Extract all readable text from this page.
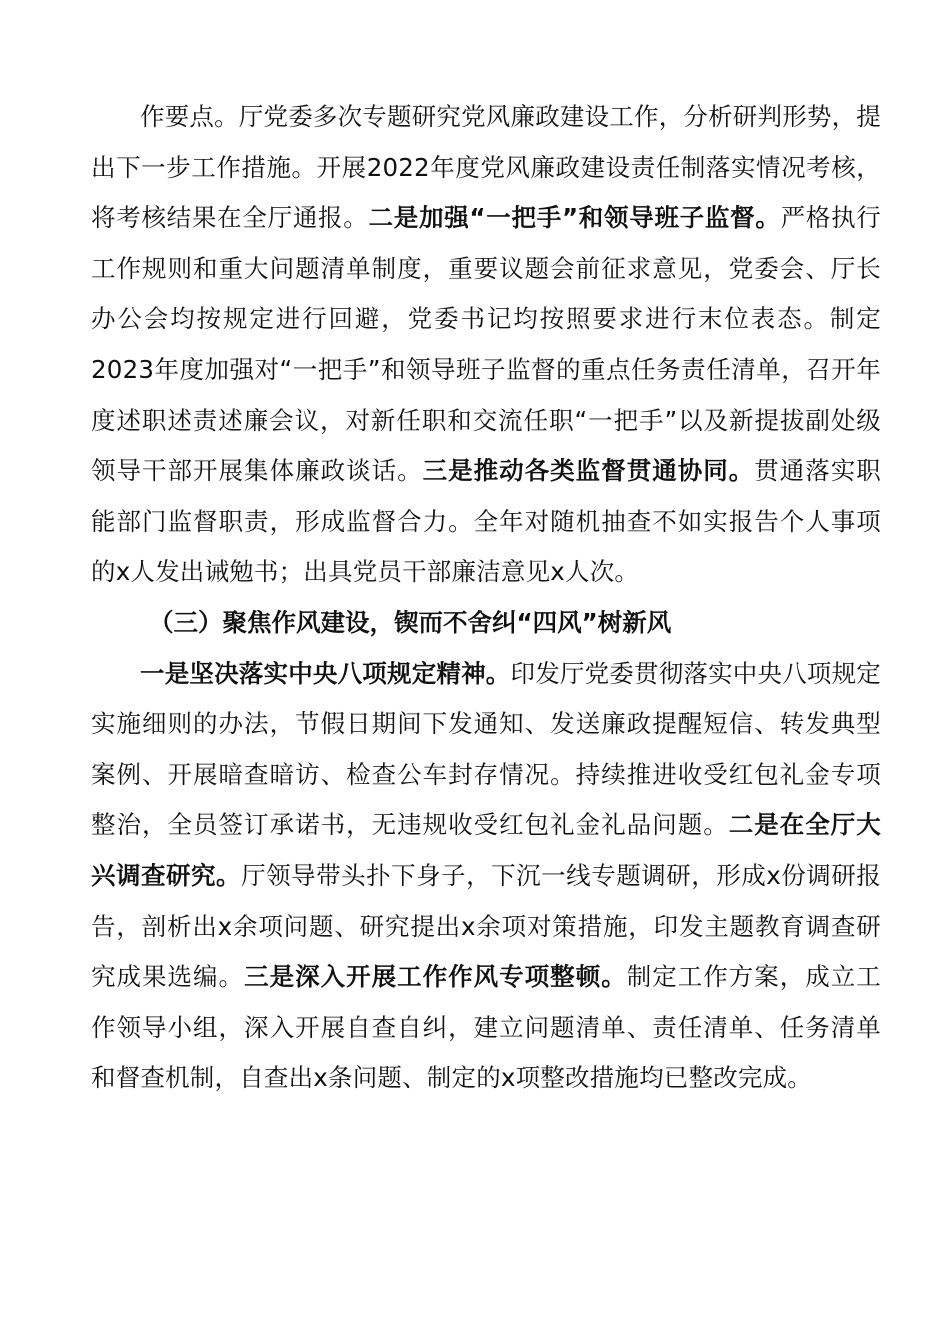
作要点。厅党委多次专题研究党风廉政建设工作，分析研判形势，提出下一步工作措施。开展2022年度党风廉政建设责任制落实情况考核，将考核结果在全厅通报。二是加强“一把手”和领导班子监督。严格执行工作规则和重大问题清单制度，重要议题会前征求意见，党委会、厅长办公会均按规定进行回避，党委书记均按照要求进行末位表态。制定2023年度加强对“一把手”和领导班子监督的重点任务责任清单，召开年度述职述责述廉会议，对新任职和交流任职“一把手”以及新提拔副处级领导干部开展集体廉政谈话。三是推动各类监督贯通协同。贯通落实职能部门监督职责，形成监督合力。全年对随机抽查不如实报告个人事项的x人发出诫勉书；出具党员干部廉洁意见x人次。

（三）聚焦作风建设，锲而不舍纠“四风”树新风

一是坚决落实中央八项规定精神。印发厅党委贯彻落实中央八项规定实施细则的办法，节假日期间下发通知、发送廉政提醒短信、转发典型案例、开展暗查暗访、检查公车封存情况。持续推进收受红包礼金专项整治，全员签订承诺书，无违规收受红包礼金礼品问题。二是在全厅大兴调查研究。厅领导带头扑下身子，下沉一线专题调研，形成x份调研报告，剖析出x余项问题、研究提出x余项对策措施，印发主题教育调查研究成果选编。三是深入开展工作作风专项整顿。制定工作方案，成立工作领导小组，深入开展自查自纠，建立问题清单、责任清单、任务清单和督查机制，自查出x条问题、制定的x项整改措施均已整改完成。
